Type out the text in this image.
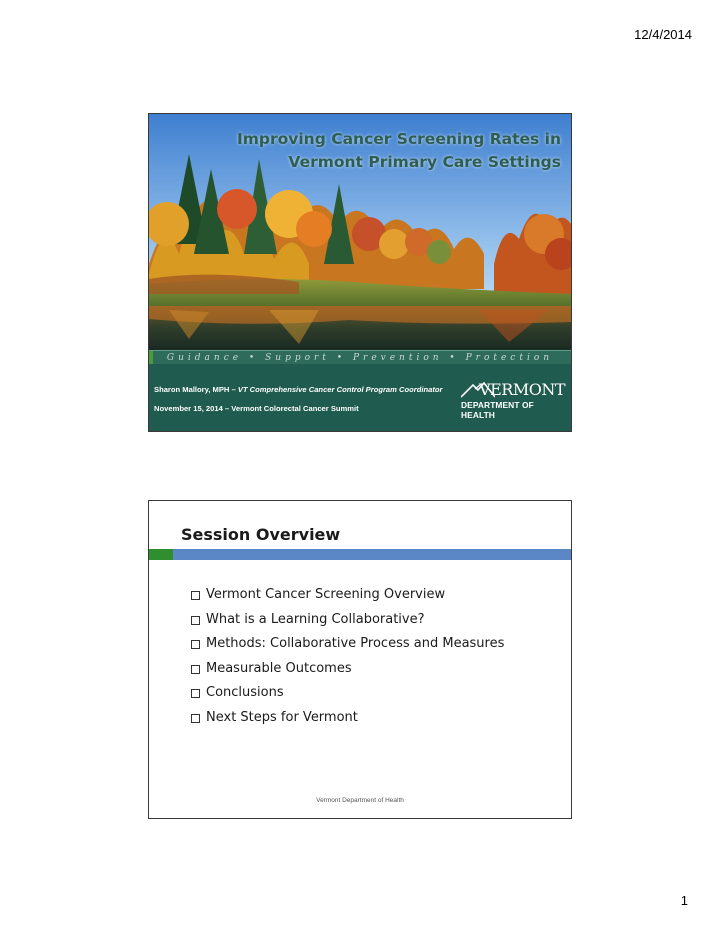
12/4/2014
Improving Cancer Screening Rates in
Vermont Primary Care Settings
Guidance • Support • Prevention • Protection
Sharon Mallory, MPH – VT Comprehensive Cancer Control Program Coordinator
November 15, 2014 – Vermont Colorectal Cancer Summit
VERMONT
DEPARTMENT OF HEALTH
Session Overview
Vermont Cancer Screening Overview
What is a Learning Collaborative?
Methods: Collaborative Process and Measures
Measurable Outcomes
Conclusions
Next Steps for Vermont
Vermont Department of Health
1
